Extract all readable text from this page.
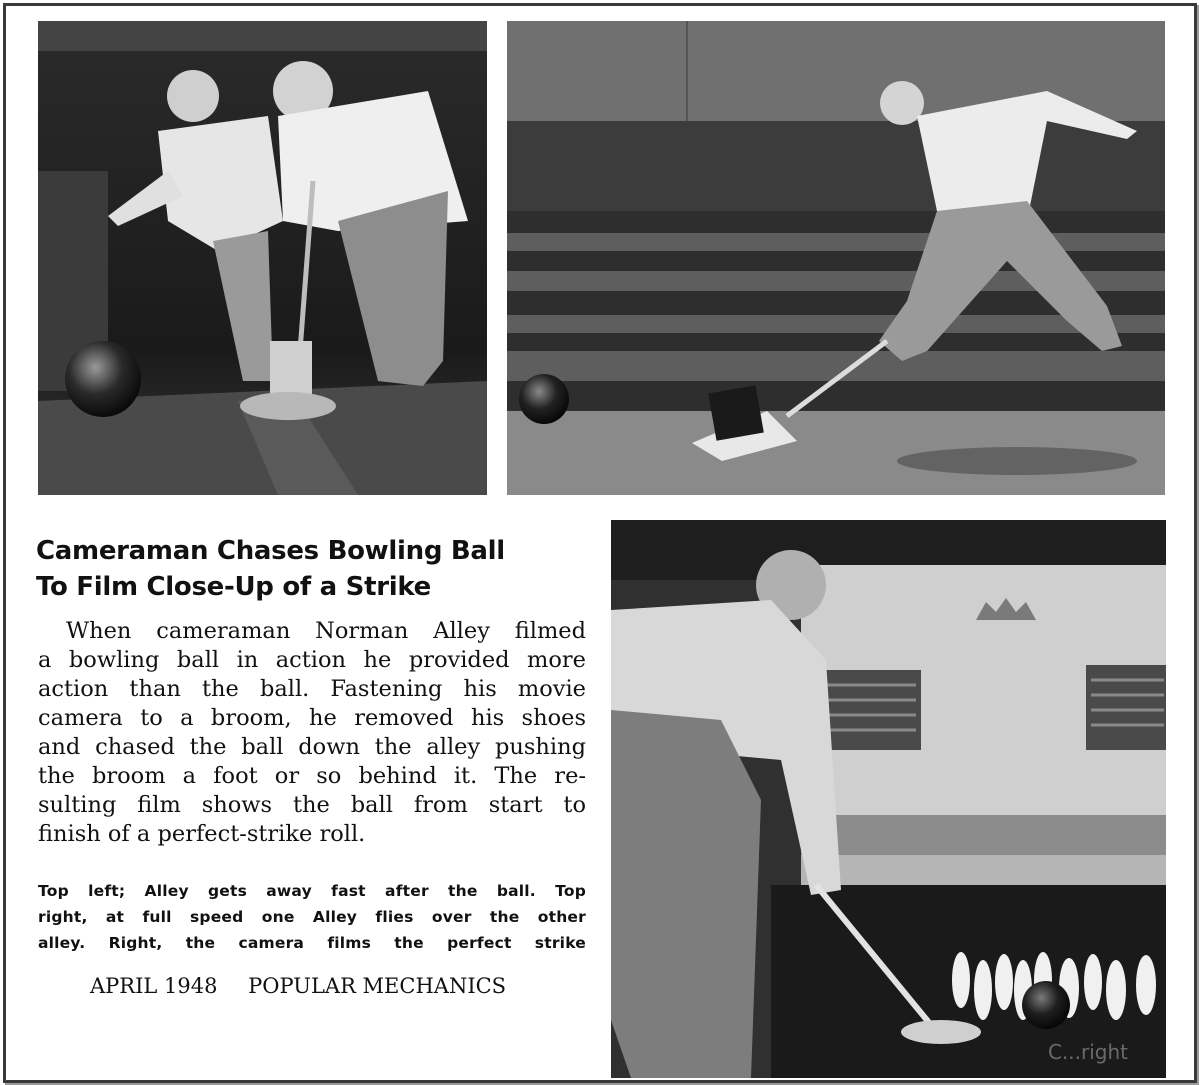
C...right
Cameraman Chases Bowling Ball
To Film Close-Up of a Strike

When cameraman Norman Alley filmed
a bowling ball in action he provided more
action than the ball. Fastening his movie
camera to a broom, he removed his shoes
and chased the ball down the alley pushing
the broom a foot or so behind it. The re-
sulting film shows the ball from start to
finish of a perfect-strike roll.

Top left; Alley gets away fast after the ball. Top
right, at full speed one Alley flies over the other
alley. Right, the camera films the perfect strike

APRIL 1948 POPULAR MECHANICS
